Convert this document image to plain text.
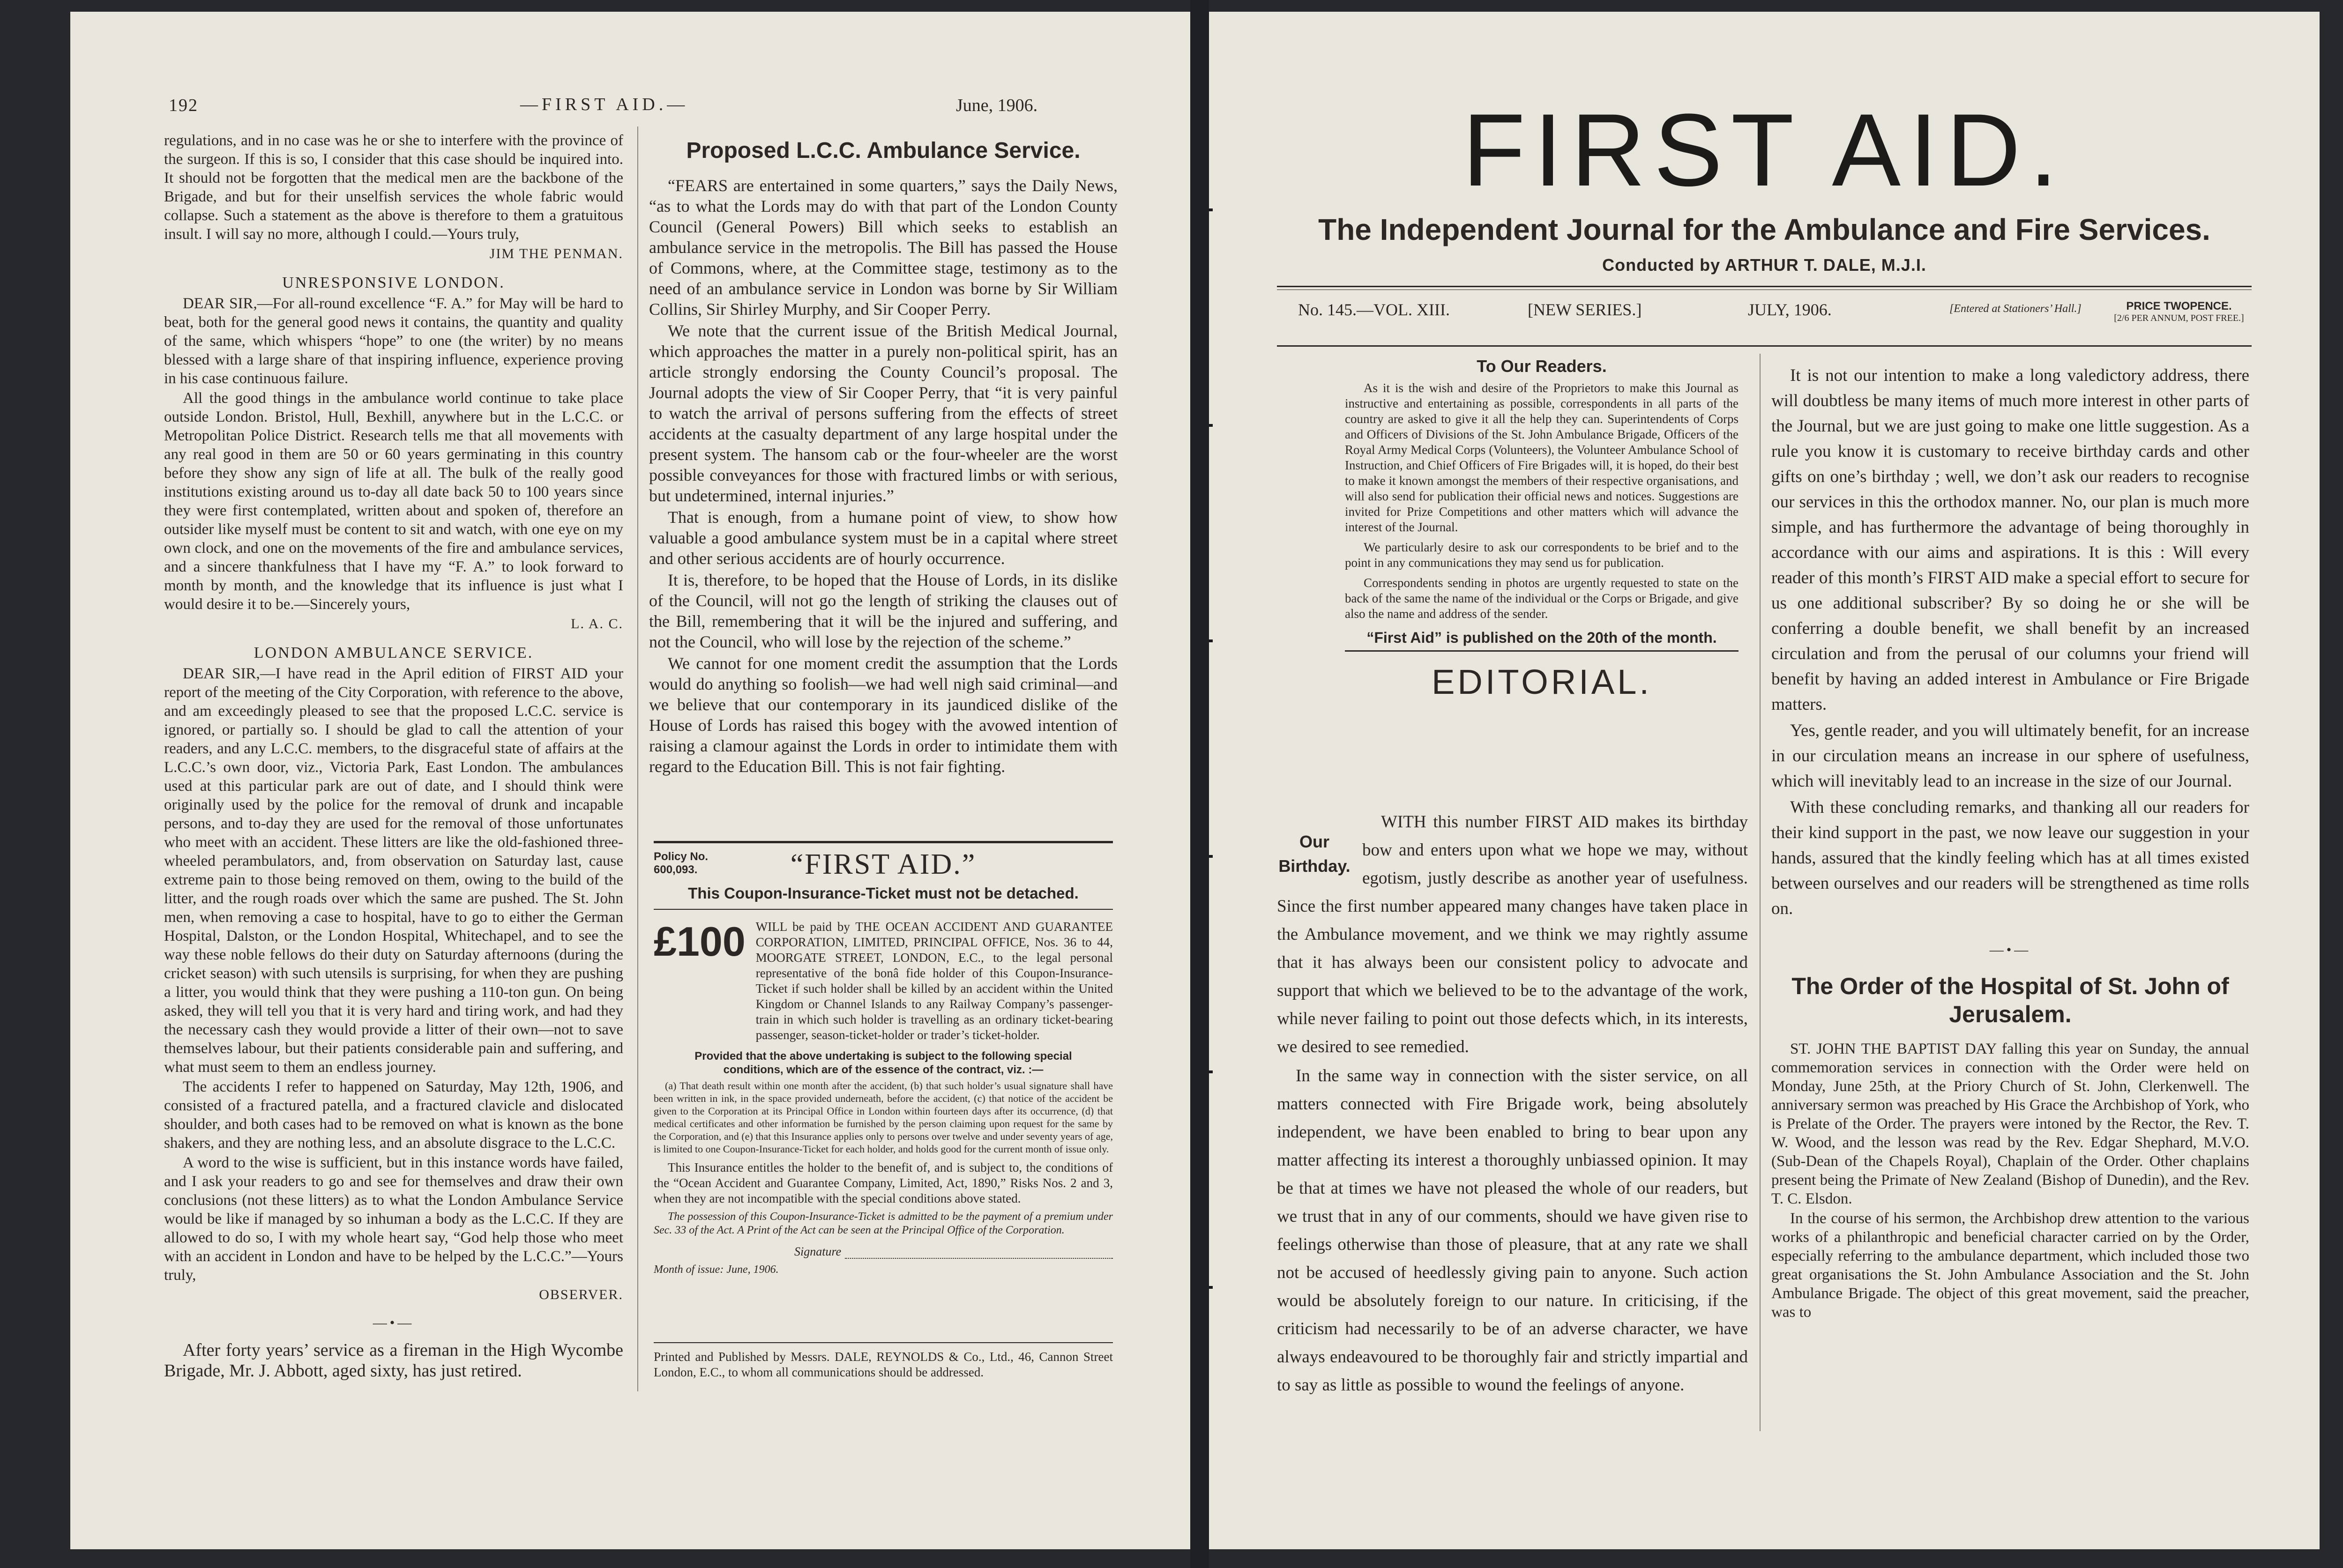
192	—FIRST AID.—	June, 1906.

regulations, and in no case was he or she to interfere with the province of the surgeon. If this is so, I consider that this case should be inquired into. It should not be forgotten that the medical men are the backbone of the Brigade, and but for their unselfish services the whole fabric would collapse. Such a statement as the above is therefore to them a gratuitous insult. I will say no more, although I could.—Yours truly,

JIM THE PENMAN.
UNRESPONSIVE LONDON.

DEAR SIR,—For all-round excellence “F. A.” for May will be hard to beat, both for the general good news it contains, the quantity and quality of the same, which whispers “hope” to one (the writer) by no means blessed with a large share of that inspiring influence, experience proving in his case continuous failure.

All the good things in the ambulance world continue to take place outside London. Bristol, Hull, Bexhill, anywhere but in the L.C.C. or Metropolitan Police District. Research tells me that all movements with any real good in them are 50 or 60 years germinating in this country before they show any sign of life at all. The bulk of the really good institutions existing around us to-day all date back 50 to 100 years since they were first contemplated, written about and spoken of, therefore an outsider like myself must be content to sit and watch, with one eye on my own clock, and one on the movements of the fire and ambulance services, and a sincere thankfulness that I have my “F. A.” to look forward to month by month, and the knowledge that its influence is just what I would desire it to be.—Sincerely yours,

L. A. C.
LONDON AMBULANCE SERVICE.

DEAR SIR,—I have read in the April edition of FIRST AID your report of the meeting of the City Corporation, with reference to the above, and am exceedingly pleased to see that the proposed L.C.C. service is ignored, or partially so. I should be glad to call the attention of your readers, and any L.C.C. members, to the disgraceful state of affairs at the L.C.C.’s own door, viz., Victoria Park, East London. The ambulances used at this particular park are out of date, and I should think were originally used by the police for the removal of drunk and incapable persons, and to-day they are used for the removal of those unfortunates who meet with an accident. These litters are like the old-fashioned three-wheeled perambulators, and, from observation on Saturday last, cause extreme pain to those being removed on them, owing to the build of the litter, and the rough roads over which the same are pushed. The St. John men, when removing a case to hospital, have to go to either the German Hospital, Dalston, or the London Hospital, Whitechapel, and to see the way these noble fellows do their duty on Saturday afternoons (during the cricket season) with such utensils is surprising, for when they are pushing a litter, you would think that they were pushing a 110-ton gun. On being asked, they will tell you that it is very hard and tiring work, and had they the necessary cash they would provide a litter of their own—not to save themselves labour, but their patients considerable pain and suffering, and what must seem to them an endless journey.

The accidents I refer to happened on Saturday, May 12th, 1906, and consisted of a fractured patella, and a fractured clavicle and dislocated shoulder, and both cases had to be removed on what is known as the bone shakers, and they are nothing less, and an absolute disgrace to the L.C.C.

A word to the wise is sufficient, but in this instance words have failed, and I ask your readers to go and see for themselves and draw their own conclusions (not these litters) as to what the London Ambulance Service would be like if managed by so inhuman a body as the L.C.C. If they are allowed to do so, I with my whole heart say, “God help those who meet with an accident in London and have to be helped by the L.C.C.”—Yours truly,

OBSERVER.
—•—

After forty years’ service as a fireman in the High Wycombe Brigade, Mr. J. Abbott, aged sixty, has just retired.

Proposed L.C.C. Ambulance Service.

“FEARS are entertained in some quarters,” says the Daily News, “as to what the Lords may do with that part of the London County Council (General Powers) Bill which seeks to establish an ambulance service in the metropolis. The Bill has passed the House of Commons, where, at the Committee stage, testimony as to the need of an ambulance service in London was borne by Sir William Collins, Sir Shirley Murphy, and Sir Cooper Perry.

We note that the current issue of the British Medical Journal, which approaches the matter in a purely non-political spirit, has an article strongly endorsing the County Council’s proposal. The Journal adopts the view of Sir Cooper Perry, that “it is very painful to watch the arrival of persons suffering from the effects of street accidents at the casualty department of any large hospital under the present system. The hansom cab or the four-wheeler are the worst possible conveyances for those with fractured limbs or with serious, but undetermined, internal injuries.”

That is enough, from a humane point of view, to show how valuable a good ambulance system must be in a capital where street and other serious accidents are of hourly occurrence.

It is, therefore, to be hoped that the House of Lords, in its dislike of the Council, will not go the length of striking the clauses out of the Bill, remembering that it will be the injured and suffering, and not the Council, who will lose by the rejection of the scheme.”

We cannot for one moment credit the assumption that the Lords would do anything so foolish—we had well nigh said criminal—and we believe that our contemporary in its jaundiced dislike of the House of Lords has raised this bogey with the avowed intention of raising a clamour against the Lords in order to intimidate them with regard to the Education Bill. This is not fair fighting.

Policy No.
600,093.	“FIRST AID.”
This Coupon-Insurance-Ticket must not be detached.
£100 WILL be paid by THE OCEAN ACCIDENT AND GUARANTEE CORPORATION, LIMITED, PRINCIPAL OFFICE, Nos. 36 to 44, MOORGATE STREET, LONDON, E.C., to the legal personal representative of the bonâ fide holder of this Coupon-Insurance-Ticket if such holder shall be killed by an accident within the United Kingdom or Channel Islands to any Railway Company’s passenger-train in which such holder is travelling as an ordinary ticket-bearing passenger, season-ticket-holder or trader’s ticket-holder.
Provided that the above undertaking is subject to the following special conditions, which are of the essence of the contract, viz. :—
(a) That death result within one month after the accident, (b) that such holder’s usual signature shall have been written in ink, in the space provided underneath, before the accident, (c) that notice of the accident be given to the Corporation at its Principal Office in London within fourteen days after its occurrence, (d) that medical certificates and other information be furnished by the person claiming upon request for the same by the Corporation, and (e) that this Insurance applies only to persons over twelve and under seventy years of age, is limited to one Coupon-Insurance-Ticket for each holder, and holds good for the current month of issue only.
This Insurance entitles the holder to the benefit of, and is subject to, the conditions of the “Ocean Accident and Guarantee Company, Limited, Act, 1890,” Risks Nos. 2 and 3, when they are not incompatible with the special conditions above stated.
The possession of this Coupon-Insurance-Ticket is admitted to be the payment of a premium under Sec. 33 of the Act. A Print of the Act can be seen at the Principal Office of the Corporation.
Signature
Month of issue: June, 1906.
Printed and Published by Messrs. DALE, REYNOLDS & Co., Ltd., 46, Cannon Street London, E.C., to whom all communications should be addressed.
FIRST AID.
The Independent Journal for the Ambulance and Fire Services.
Conducted by ARTHUR T. DALE, M.J.I.
No. 145.—VOL. XIII.	[NEW SERIES.]	JULY, 1906.	[Entered at Stationers’ Hall.]	PRICE TWOPENCE.
[2/6 PER ANNUM, POST FREE.]
To Our Readers.

As it is the wish and desire of the Proprietors to make this Journal as instructive and entertaining as possible, correspondents in all parts of the country are asked to give it all the help they can. Superintendents of Corps and Officers of Divisions of the St. John Ambulance Brigade, Officers of the Royal Army Medical Corps (Volunteers), the Volunteer Ambulance School of Instruction, and Chief Officers of Fire Brigades will, it is hoped, do their best to make it known amongst the members of their respective organisations, and will also send for publication their official news and notices. Suggestions are invited for Prize Competitions and other matters which will advance the interest of the Journal.

We particularly desire to ask our correspondents to be brief and to the point in any communications they may send us for publication.

Correspondents sending in photos are urgently requested to state on the back of the same the name of the individual or the Corps or Brigade, and give also the name and address of the sender.

“First Aid” is published on the 20th of the month.
EDITORIAL.
Our
Birthday.

WITH this number FIRST AID makes its birthday bow and enters upon what we hope we may, without egotism, justly describe as another year of usefulness. Since the first number appeared many changes have taken place in the Ambulance movement, and we think we may rightly assume that it has always been our consistent policy to advocate and support that which we believed to be to the advantage of the work, while never failing to point out those defects which, in its interests, we desired to see remedied.

In the same way in connection with the sister service, on all matters connected with Fire Brigade work, being absolutely independent, we have been enabled to bring to bear upon any matter affecting its interest a thoroughly unbiassed opinion. It may be that at times we have not pleased the whole of our readers, but we trust that in any of our comments, should we have given rise to feelings otherwise than those of pleasure, that at any rate we shall not be accused of heedlessly giving pain to anyone. Such action would be absolutely foreign to our nature. In criticising, if the criticism had necessarily to be of an adverse character, we have always endeavoured to be thoroughly fair and strictly impartial and to say as little as possible to wound the feelings of anyone.

It is not our intention to make a long valedictory address, there will doubtless be many items of much more interest in other parts of the Journal, but we are just going to make one little suggestion. As a rule you know it is customary to receive birthday cards and other gifts on one’s birthday ; well, we don’t ask our readers to recognise our services in this the orthodox manner. No, our plan is much more simple, and has furthermore the advantage of being thoroughly in accordance with our aims and aspirations. It is this : Will every reader of this month’s FIRST AID make a special effort to secure for us one additional subscriber? By so doing he or she will be conferring a double benefit, we shall benefit by an increased circulation and from the perusal of our columns your friend will benefit by having an added interest in Ambulance or Fire Brigade matters.

Yes, gentle reader, and you will ultimately benefit, for an increase in our circulation means an increase in our sphere of usefulness, which will inevitably lead to an increase in the size of our Journal.

With these concluding remarks, and thanking all our readers for their kind support in the past, we now leave our suggestion in your hands, assured that the kindly feeling which has at all times existed between ourselves and our readers will be strengthened as time rolls on.

—•—
The Order of the Hospital of St. John of Jerusalem.

ST. JOHN THE BAPTIST DAY falling this year on Sunday, the annual commemoration services in connection with the Order were held on Monday, June 25th, at the Priory Church of St. John, Clerkenwell. The anniversary sermon was preached by His Grace the Archbishop of York, who is Prelate of the Order. The prayers were intoned by the Rector, the Rev. T. W. Wood, and the lesson was read by the Rev. Edgar Shephard, M.V.O. (Sub-Dean of the Chapels Royal), Chaplain of the Order. Other chaplains present being the Primate of New Zealand (Bishop of Dunedin), and the Rev. T. C. Elsdon.

In the course of his sermon, the Archbishop drew attention to the various works of a philanthropic and beneficial character carried on by the Order, especially referring to the ambulance department, which included those two great organisations the St. John Ambulance Association and the St. John Ambulance Brigade. The object of this great movement, said the preacher, was to
